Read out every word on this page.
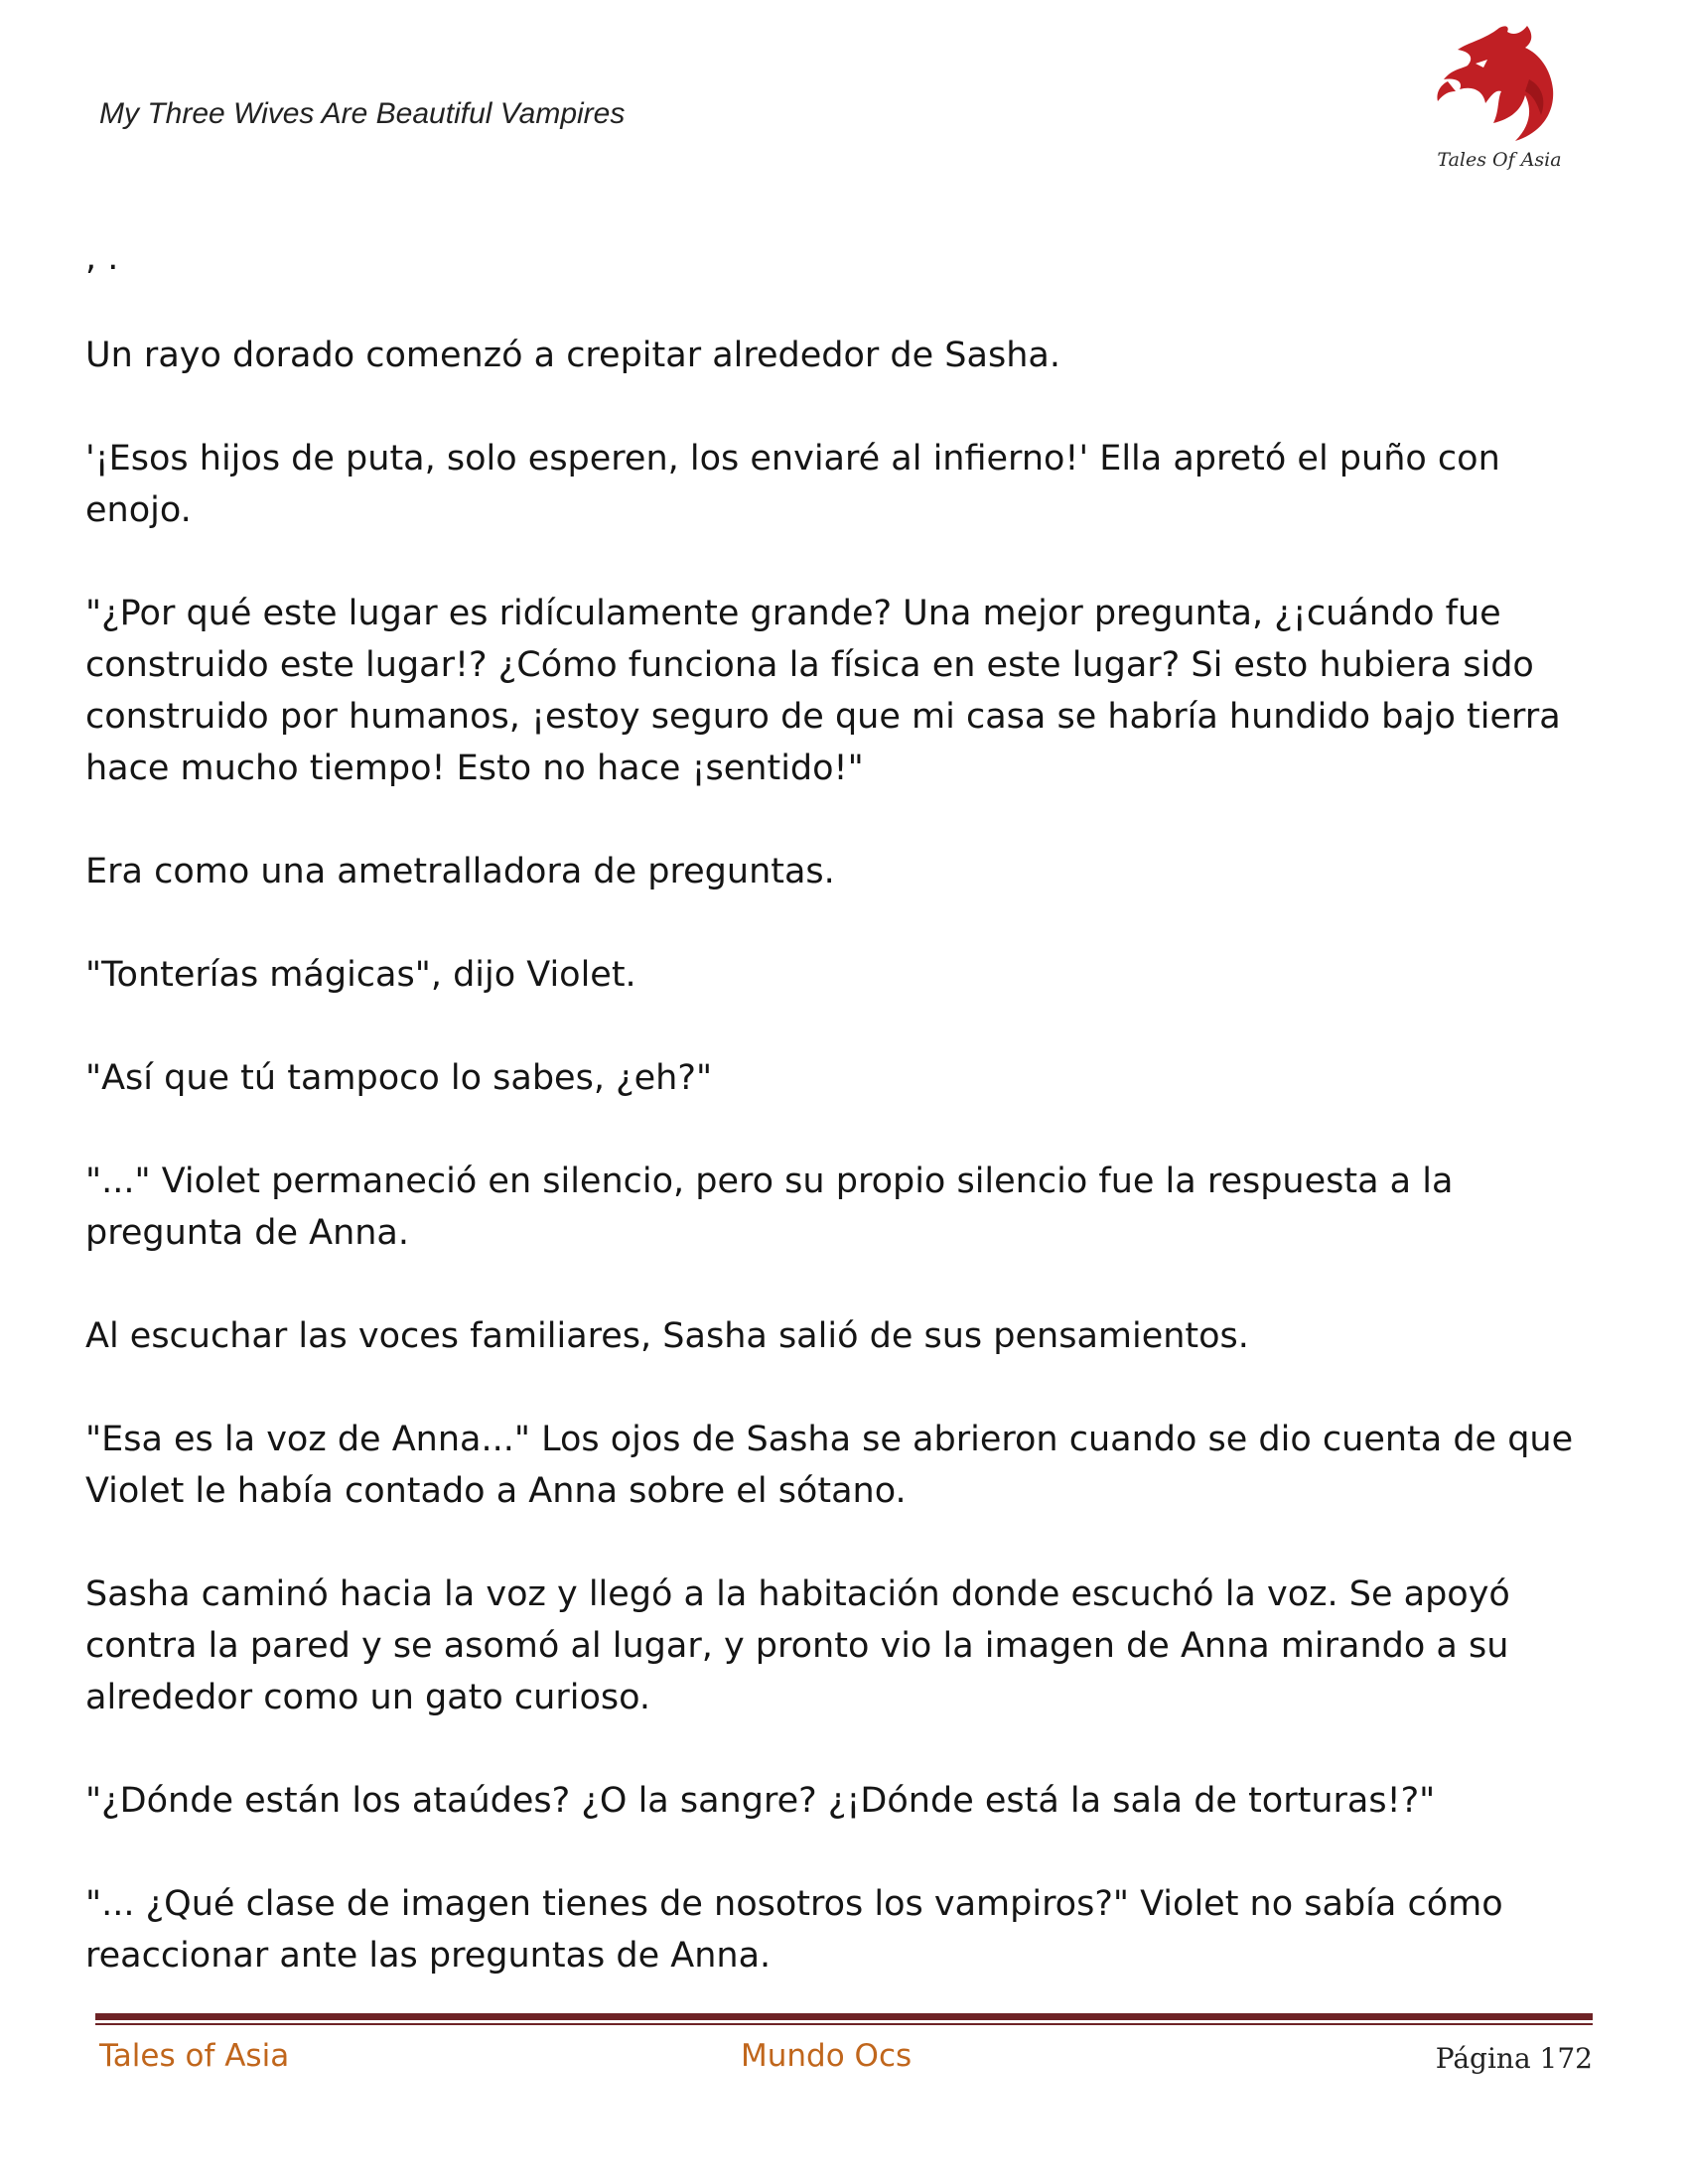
My Three Wives Are Beautiful Vampires
Tales Of Asia

, .

Un rayo dorado comenzó a crepitar alrededor de Sasha.

'¡Esos hijos de puta, solo esperen, los enviaré al infierno!' Ella apretó el puño con enojo.

"¿Por qué este lugar es ridículamente grande? Una mejor pregunta, ¿¡cuándo fue construido este lugar!? ¿Cómo funciona la física en este lugar? Si esto hubiera sido construido por humanos, ¡estoy seguro de que mi casa se habría hundido bajo tierra hace mucho tiempo! Esto no hace ¡sentido!"

Era como una ametralladora de preguntas.

"Tonterías mágicas", dijo Violet.

"Así que tú tampoco lo sabes, ¿eh?"

"..." Violet permaneció en silencio, pero su propio silencio fue la respuesta a la pregunta de Anna.

Al escuchar las voces familiares, Sasha salió de sus pensamientos.

"Esa es la voz de Anna..." Los ojos de Sasha se abrieron cuando se dio cuenta de que Violet le había contado a Anna sobre el sótano.

Sasha caminó hacia la voz y llegó a la habitación donde escuchó la voz. Se apoyó contra la pared y se asomó al lugar, y pronto vio la imagen de Anna mirando a su alrededor como un gato curioso.

"¿Dónde están los ataúdes? ¿O la sangre? ¿¡Dónde está la sala de torturas!?"

"... ¿Qué clase de imagen tienes de nosotros los vampiros?" Violet no sabía cómo reaccionar ante las preguntas de Anna.

Tales of Asia	Mundo Ocs	Página 172
